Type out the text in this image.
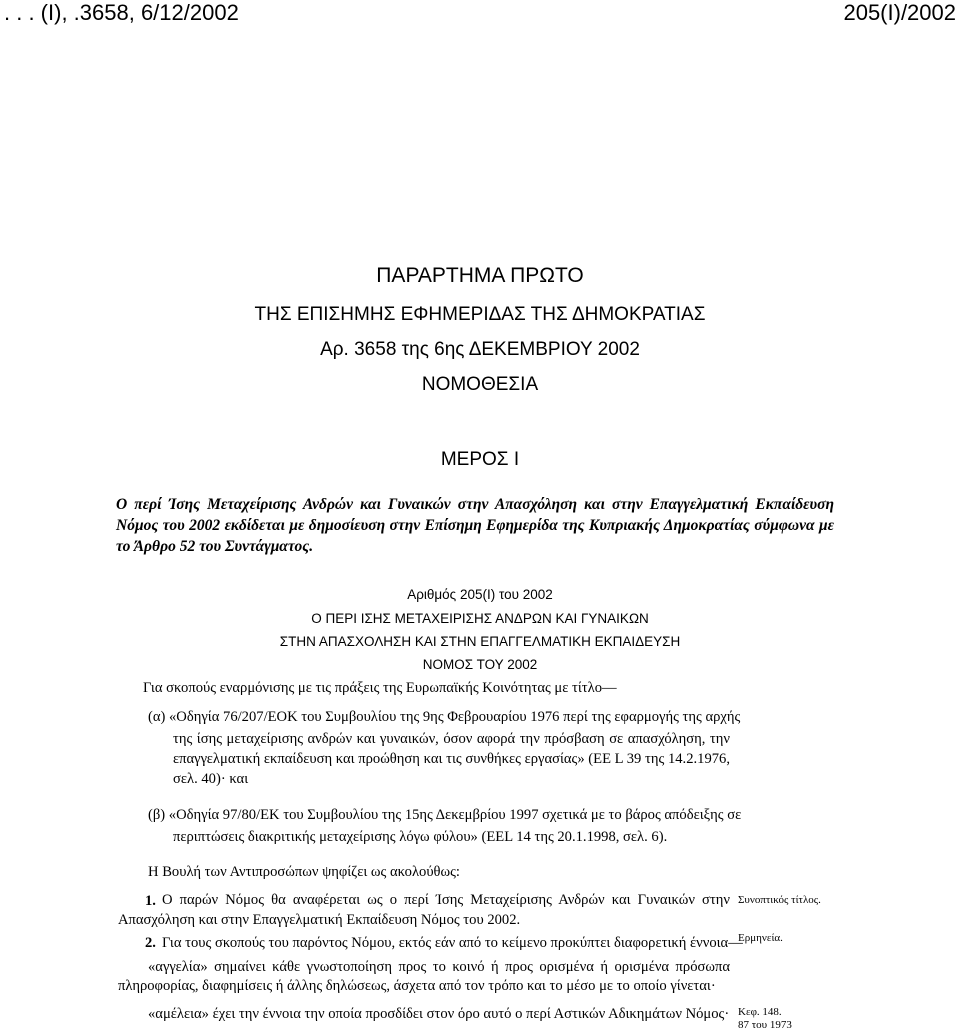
. . . (Ι), .3658, 6/12/2002	205(Ι)/2002
ΠΑΡΑΡΤΗΜΑ ΠΡΩΤΟ
ΤΗΣ ΕΠΙΣΗΜΗΣ ΕΦΗΜΕΡΙΔΑΣ ΤΗΣ ΔΗΜΟΚΡΑΤΙΑΣ
Αρ. 3658 της 6ης ΔΕΚΕΜΒΡΙΟΥ 2002
ΝΟΜΟΘΕΣΙΑ
ΜΕΡΟΣ Ι
Ο περί Ίσης Μεταχείρισης Ανδρών και Γυναικών στην Απασχόληση και στην Επαγγελματική Εκπαίδευση Νόμος του 2002 εκδίδεται με δημοσίευση στην Επίσημη Εφημερίδα της Κυπριακής Δημοκρατίας σύμφωνα με το Άρθρο 52 του Συντάγματος.
Αριθμός 205(Ι) του 2002
Ο ΠΕΡΙ ΙΣΗΣ ΜΕΤΑΧΕΙΡΙΣΗΣ ΑΝΔΡΩΝ ΚΑΙ ΓΥΝΑΙΚΩΝ
ΣΤΗΝ ΑΠΑΣΧΟΛΗΣΗ ΚΑΙ ΣΤΗΝ ΕΠΑΓΓΕΛΜΑΤΙΚΗ ΕΚΠΑΙΔΕΥΣΗ
ΝΟΜΟΣ ΤΟΥ 2002
Για σκοπούς εναρμόνισης με τις πράξεις της Ευρωπαϊκής Κοινότητας με τίτλο—
(α) «Οδηγία 76/207/ΕΟΚ του Συμβουλίου της 9ης Φεβρουαρίου 1976 περί της εφαρμογής της αρχής
της ίσης μεταχείρισης ανδρών και γυναικών, όσον αφορά την πρόσβαση σε απασχόληση, την
επαγγελματική εκπαίδευση και προώθηση και τις συνθήκες εργασίας» (ΕΕ L 39 της 14.2.1976,
σελ. 40)· και
(β) «Οδηγία 97/80/ΕΚ του Συμβουλίου της 15ης Δεκεμβρίου 1997 σχετικά με το βάρος απόδειξης σε
περιπτώσεις διακριτικής μεταχείρισης λόγω φύλου» (ΕΕL 14 της 20.1.1998, σελ. 6).
Η Βουλή των Αντιπροσώπων ψηφίζει ως ακολούθως:
1. Ο παρών Νόμος θα αναφέρεται ως ο περί Ίσης Μεταχείρισης Ανδρών και Γυναικών στην
Απασχόληση και στην Επαγγελματική Εκπαίδευση Νόμος του 2002.
2. Για τους σκοπούς του παρόντος Νόμου, εκτός εάν από το κείμενο προκύπτει διαφορετική έννοια—
«αγγελία» σημαίνει κάθε γνωστοποίηση προς το κοινό ή προς ορισμένα ή ορισμένα πρόσωπα
πληροφορίας, διαφημίσεις ή άλλης δηλώσεως, άσχετα από τον τρόπο και το μέσο με το οποίο γίνεται·
«αμέλεια» έχει την έννοια την οποία προσδίδει στον όρο αυτό ο περί Αστικών Αδικημάτων Νόμος·
Συνοπτικός τίτλος.
Ερμηνεία.
Κεφ. 148.
87 του 1973
